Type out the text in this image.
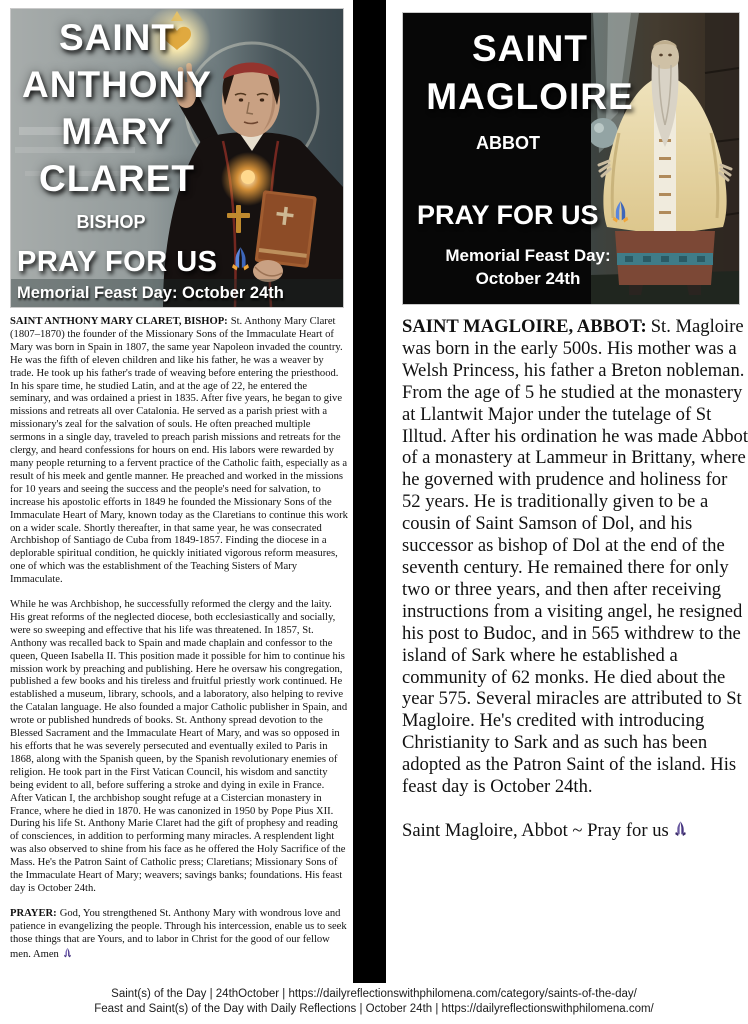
SAINT
ANTHONY
MARY
CLARET
BISHOP
PRAY FOR US
Memorial Feast Day: October 24th
SAINT
MAGLOIRE
ABBOT
PRAY FOR US
Memorial Feast Day:
October 24th

SAINT ANTHONY MARY CLARET, BISHOP: St. Anthony Mary Claret (1807–1870) the founder of the Missionary Sons of the Immaculate Heart of Mary was born in Spain in 1807, the same year Napoleon invaded the country. He was the fifth of eleven children and like his father, he was a weaver by trade. He took up his father's trade of weaving before entering the priesthood. In his spare time, he studied Latin, and at the age of 22, he entered the seminary, and was ordained a priest in 1835. After five years, he began to give missions and retreats all over Catalonia. He served as a parish priest with a missionary's zeal for the salvation of souls. He often preached multiple sermons in a single day, traveled to preach parish missions and retreats for the clergy, and heard confessions for hours on end. His labors were rewarded by many people returning to a fervent practice of the Catholic faith, especially as a result of his meek and gentle manner. He preached and worked in the missions for 10 years and seeing the success and the people's need for salvation, to increase his apostolic efforts in 1849 he founded the Missionary Sons of the Immaculate Heart of Mary, known today as the Claretians to continue this work on a wider scale. Shortly thereafter, in that same year, he was consecrated Archbishop of Santiago de Cuba from 1849-1857. Finding the diocese in a deplorable spiritual condition, he quickly initiated vigorous reform measures, one of which was the establishment of the Teaching Sisters of Mary Immaculate.

While he was Archbishop, he successfully reformed the clergy and the laity. His great reforms of the neglected diocese, both ecclesiastically and socially, were so sweeping and effective that his life was threatened. In 1857, St. Anthony was recalled back to Spain and made chaplain and confessor to the queen, Queen Isabella II. This position made it possible for him to continue his mission work by preaching and publishing. Here he oversaw his congregation, published a few books and his tireless and fruitful priestly work continued. He established a museum, library, schools, and a laboratory, also helping to revive the Catalan language. He also founded a major Catholic publisher in Spain, and wrote or published hundreds of books. St. Anthony spread devotion to the Blessed Sacrament and the Immaculate Heart of Mary, and was so opposed in his efforts that he was severely persecuted and eventually exiled to Paris in 1868, along with the Spanish queen, by the Spanish revolutionary enemies of religion. He took part in the First Vatican Council, his wisdom and sanctity being evident to all, before suffering a stroke and dying in exile in France. After Vatican I, the archbishop sought refuge at a Cistercian monastery in France, where he died in 1870. He was canonized in 1950 by Pope Pius XII. During his life St. Anthony Marie Claret had the gift of prophesy and reading of consciences, in addition to performing many miracles. A resplendent light was also observed to shine from his face as he offered the Holy Sacrifice of the Mass. He's the Patron Saint of Catholic press; Claretians; Missionary Sons of the Immaculate Heart of Mary; weavers; savings banks; foundations. His feast day is October 24th.

PRAYER: God, You strengthened St. Anthony Mary with wondrous love and patience in evangelizing the people. Through his intercession, enable us to seek those things that are Yours, and to labor in Christ for the good of our fellow men. Amen

SAINT MAGLOIRE, ABBOT: St. Magloire was born in the early 500s. His mother was a Welsh Princess, his father a Breton nobleman. From the age of 5 he studied at the monastery at Llantwit Major under the tutelage of St Illtud. After his ordination he was made Abbot of a monastery at Lammeur in Brittany, where he governed with prudence and holiness for 52 years. He is traditionally given to be a cousin of Saint Samson of Dol, and his successor as bishop of Dol at the end of the seventh century. He remained there for only two or three years, and then after receiving instructions from a visiting angel, he resigned his post to Budoc, and in 565 withdrew to the island of Sark where he established a community of 62 monks. He died about the year 575. Several miracles are attributed to St Magloire. He's credited with introducing Christianity to Sark and as such has been adopted as the Patron Saint of the island. His feast day is October 24th.

Saint Magloire, Abbot ~ Pray for us

Saint(s) of the Day | 24thOctober | https://dailyreflectionswithphilomena.com/category/saints-of-the-day/
Feast and Saint(s) of the Day with Daily Reflections | October 24th | https://dailyreflectionswithphilomena.com/
